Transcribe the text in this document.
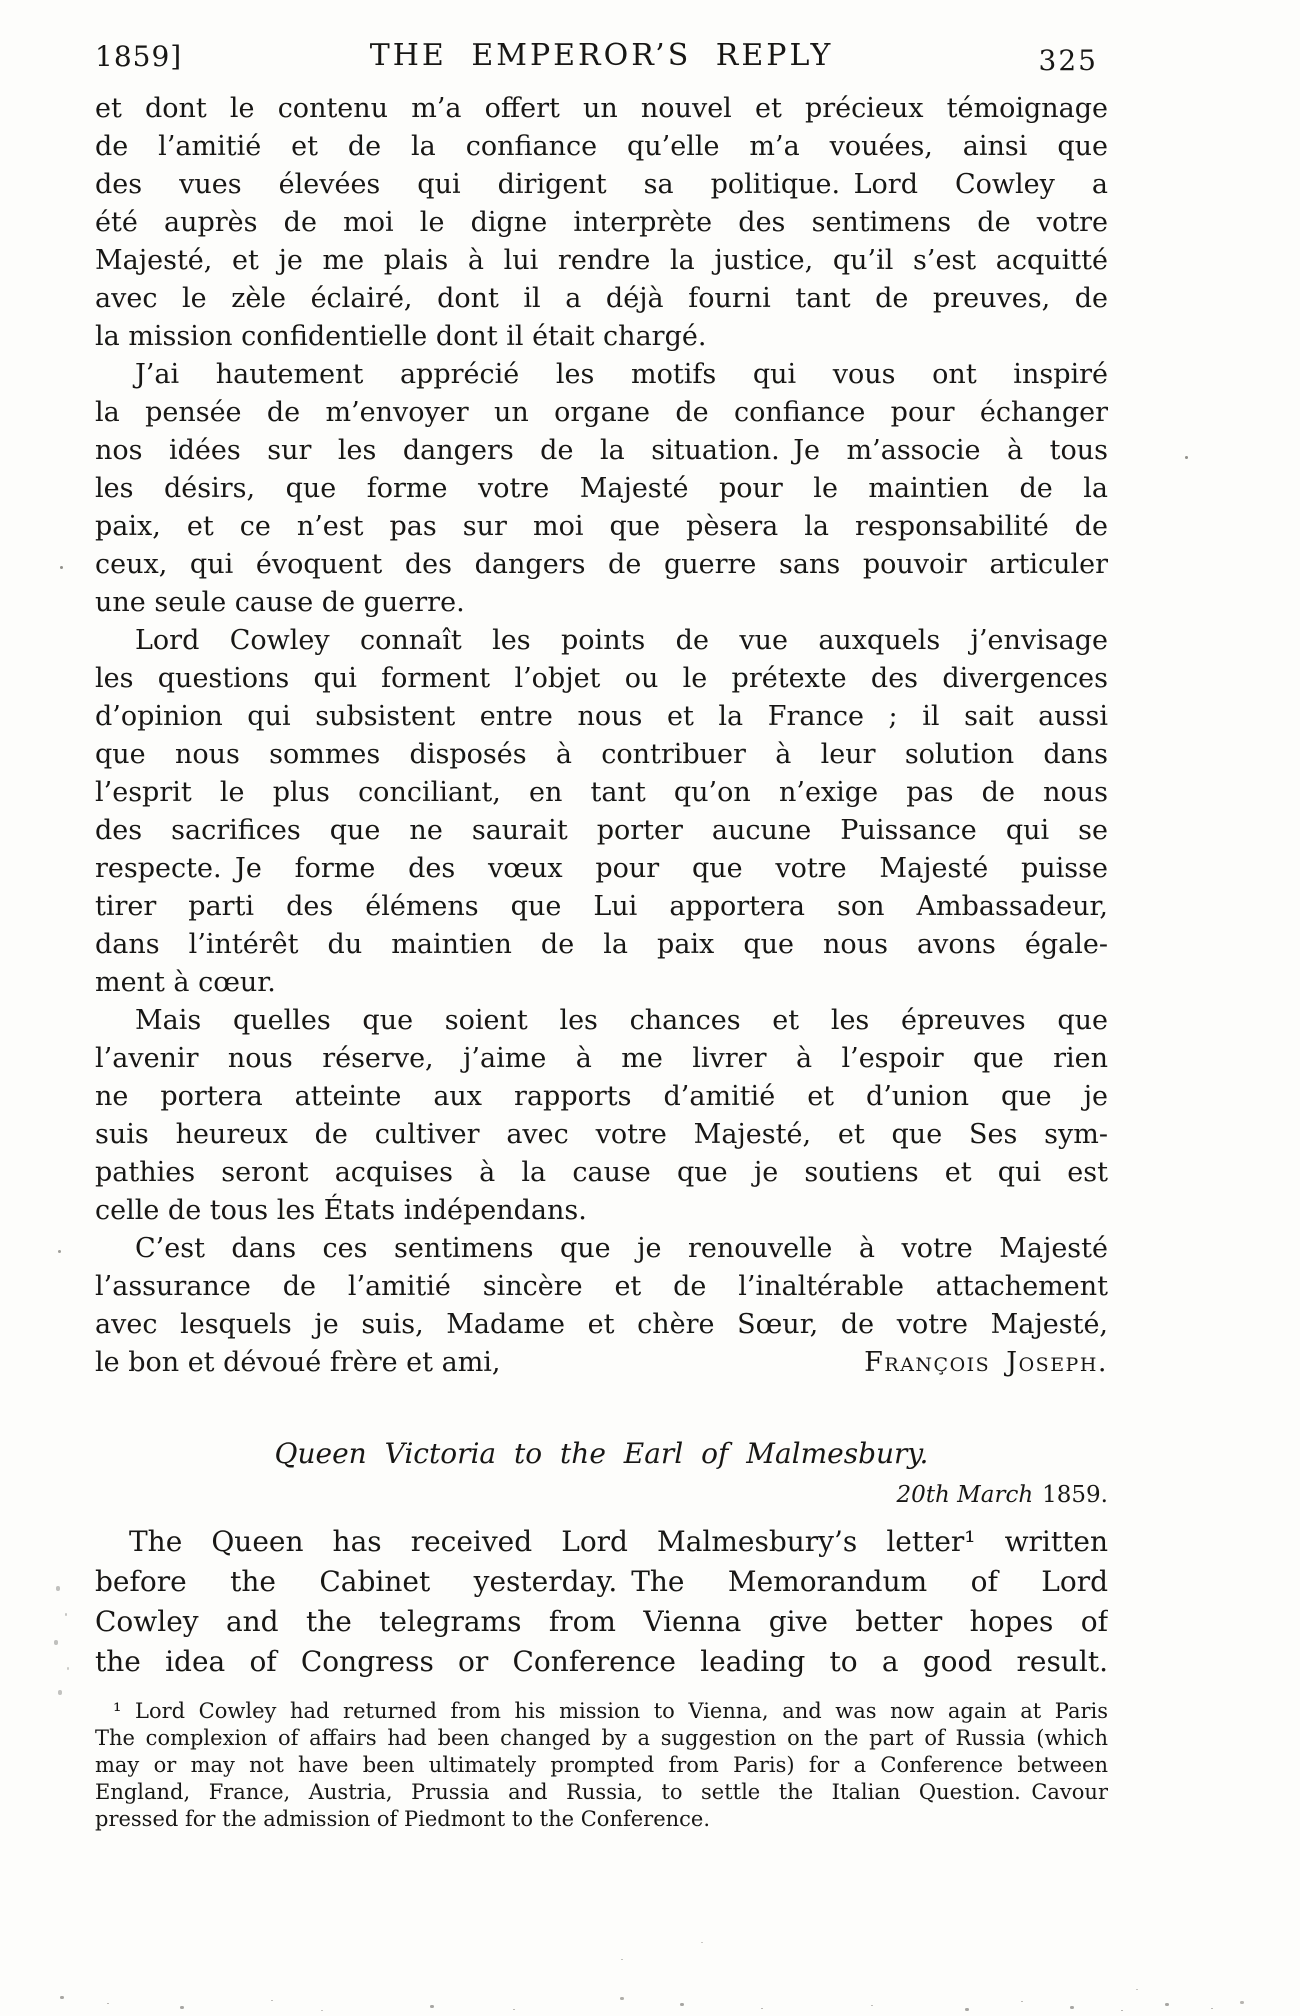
1859]	THE EMPEROR’S REPLY	325
et dont le contenu m’a offert un nouvel et précieux témoignage
de l’amitié et de la confiance qu’elle m’a vouées, ainsi que
des vues élevées qui dirigent sa politique. Lord Cowley a
été auprès de moi le digne interprète des sentimens de votre
Majesté, et je me plais à lui rendre la justice, qu’il s’est acquitté
avec le zèle éclairé, dont il a déjà fourni tant de preuves, de
la mission confidentielle dont il était chargé.
J’ai hautement apprécié les motifs qui vous ont inspiré
la pensée de m’envoyer un organe de confiance pour échanger
nos idées sur les dangers de la situation. Je m’associe à tous
les désirs, que forme votre Majesté pour le maintien de la
paix, et ce n’est pas sur moi que pèsera la responsabilité de
ceux, qui évoquent des dangers de guerre sans pouvoir articuler
une seule cause de guerre.
Lord Cowley connaît les points de vue auxquels j’envisage
les questions qui forment l’objet ou le prétexte des divergences
d’opinion qui subsistent entre nous et la France ; il sait aussi
que nous sommes disposés à contribuer à leur solution dans
l’esprit le plus conciliant, en tant qu’on n’exige pas de nous
des sacrifices que ne saurait porter aucune Puissance qui se
respecte. Je forme des vœux pour que votre Majesté puisse
tirer parti des élémens que Lui apportera son Ambassadeur,
dans l’intérêt du maintien de la paix que nous avons égale-
ment à cœur.
Mais quelles que soient les chances et les épreuves que
l’avenir nous réserve, j’aime à me livrer à l’espoir que rien
ne portera atteinte aux rapports d’amitié et d’union que je
suis heureux de cultiver avec votre Majesté, et que Ses sym-
pathies seront acquises à la cause que je soutiens et qui est
celle de tous les États indépendans.
C’est dans ces sentimens que je renouvelle à votre Majesté
l’assurance de l’amitié sincère et de l’inaltérable attachement
avec lesquels je suis, Madame et chère Sœur, de votre Majesté,
le bon et dévoué frère et ami,	François Joseph.
Queen Victoria to the Earl of Malmesbury.
20th March 1859.
The Queen has received Lord Malmesbury’s letter¹ written
before the Cabinet yesterday. The Memorandum of Lord
Cowley and the telegrams from Vienna give better hopes of
the idea of Congress or Conference leading to a good result.
¹ Lord Cowley had returned from his mission to Vienna, and was now again at Paris
The complexion of affairs had been changed by a suggestion on the part of Russia (which
may or may not have been ultimately prompted from Paris) for a Conference between
England, France, Austria, Prussia and Russia, to settle the Italian Question. Cavour
pressed for the admission of Piedmont to the Conference.
